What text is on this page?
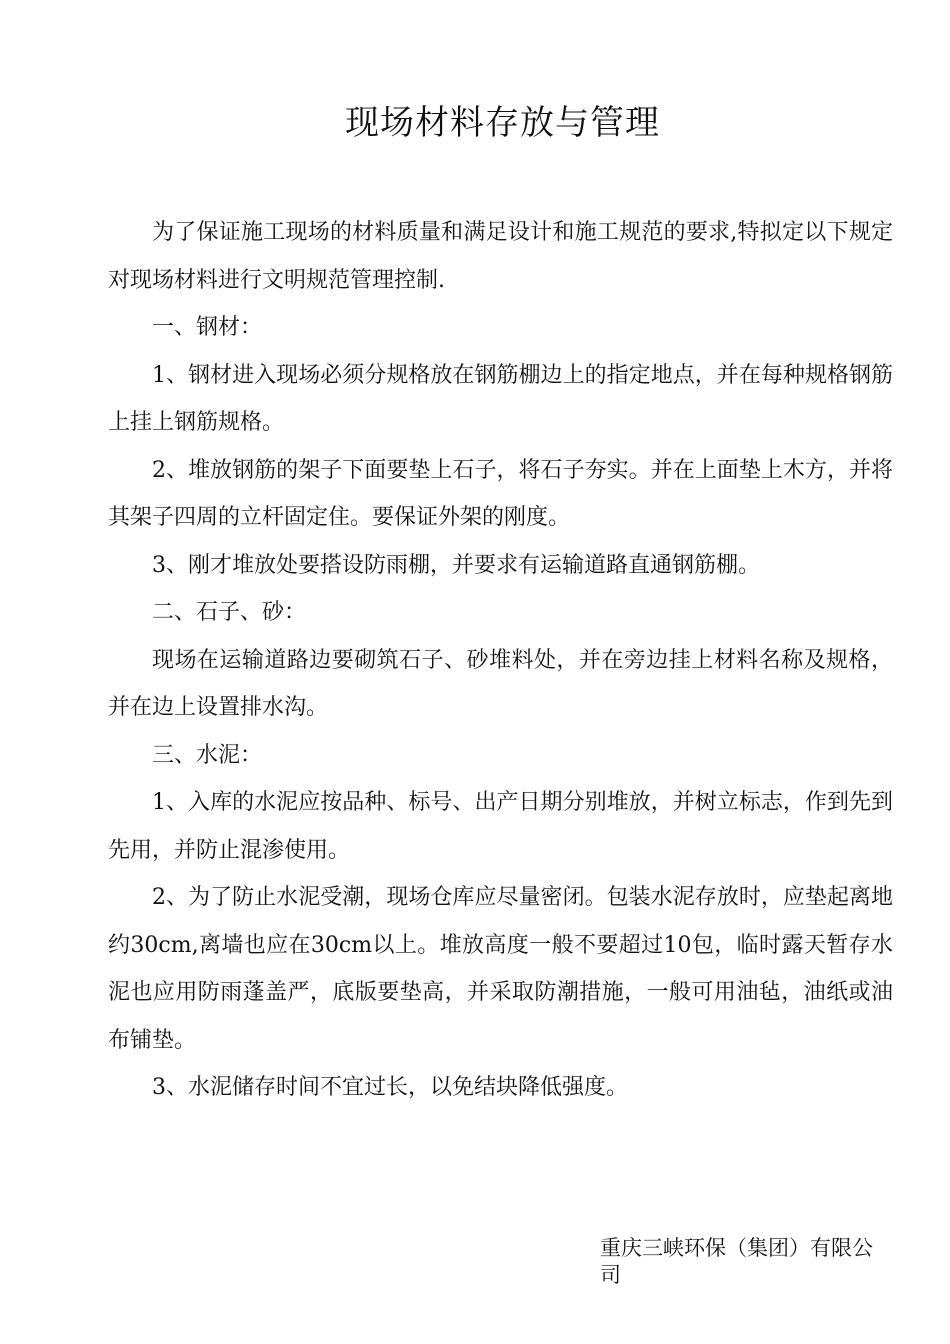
现场材料存放与管理

为了保证施工现场的材料质量和满足设计和施工规范的要求,特拟定以下规定对现场材料进行文明规范管理控制.

一、钢材：

1、钢材进入现场必须分规格放在钢筋棚边上的指定地点，并在每种规格钢筋上挂上钢筋规格。

2、堆放钢筋的架子下面要垫上石子，将石子夯实。并在上面垫上木方，并将其架子四周的立杆固定住。要保证外架的刚度。

3、刚才堆放处要搭设防雨棚，并要求有运输道路直通钢筋棚。

二、石子、砂：

现场在运输道路边要砌筑石子、砂堆料处，并在旁边挂上材料名称及规格，并在边上设置排水沟。

三、水泥：

1、入库的水泥应按品种、标号、出产日期分别堆放，并树立标志，作到先到先用，并防止混渗使用。

2、为了防止水泥受潮，现场仓库应尽量密闭。包装水泥存放时，应垫起离地约30cm,离墙也应在30cm以上。堆放高度一般不要超过10包，临时露天暂存水泥也应用防雨蓬盖严，底版要垫高，并采取防潮措施，一般可用油毡，油纸或油布铺垫。

3、水泥储存时间不宜过长，以免结块降低强度。

重庆三峡环保（集团）有限公司
